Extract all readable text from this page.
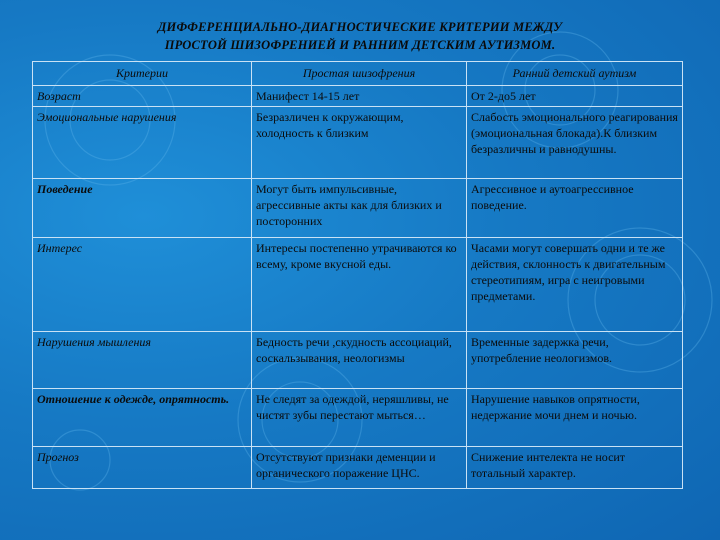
ДИФФЕРЕНЦИАЛЬНО-ДИАГНОСТИЧЕСКИЕ КРИТЕРИИ МЕЖДУ
ПРОСТОЙ ШИЗОФРЕНИЕЙ И РАННИМ ДЕТСКИМ АУТИЗМОМ.
Критерии	Простая шизофрения	Ранний детский аутизм
Возраст	Манифест 14-15 лет	От 2-до5 лет
Эмоциональные нарушения	Безразличен к окружающим, холодность к близким	Слабость эмоционального реагирования (эмоциональная блокада).К близким безразличны и равнодушны.
Поведение	Могут быть импульсивные, агрессивные акты как для близких и посторонних	Агрессивное и аутоагрессивное поведение.
Интерес	Интересы постепенно утрачиваются ко всему, кроме вкусной еды.	Часами могут совершать одни и те же действия, склонность к двигательным стереотипиям, игра с неигровыми предметами.
Нарушения мышления	Бедность речи ,скудность ассоциаций, соскальзывания, неологизмы	Временные задержка речи, употребление неологизмов.
Отношение к одежде, опрятность.	Не следят за одеждой, неряшливы, не чистят зубы перестают мыться…	Нарушение навыков опрятности, недержание мочи днем и ночью.
Прогноз	Отсутствуют признаки деменции и органического поражение ЦНС.	Снижение интелекта не носит тотальный характер.
